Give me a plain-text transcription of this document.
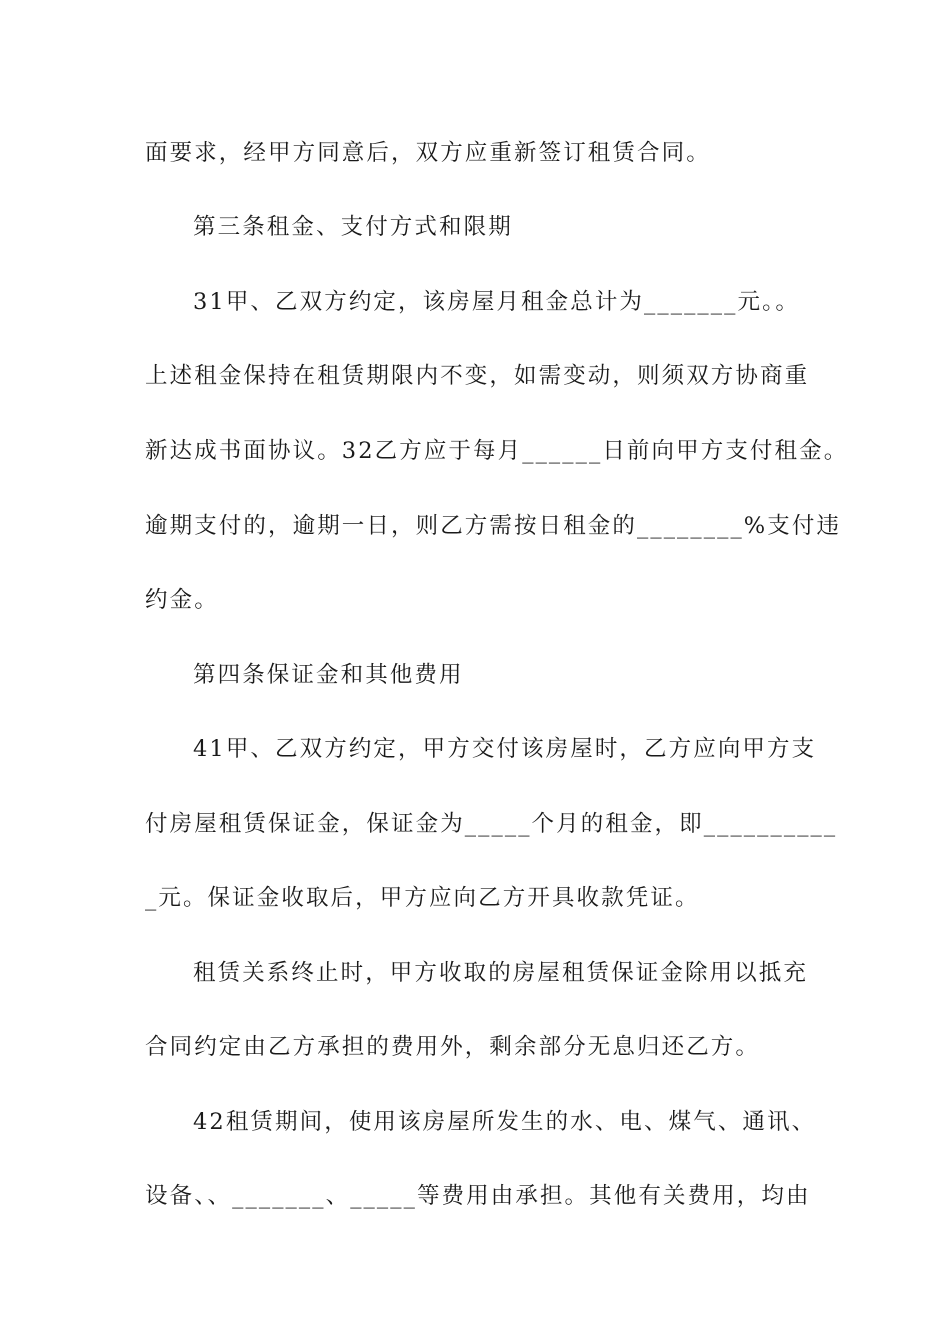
面要求，经甲方同意后，双方应重新签订租赁合同。
第三条租金、支付方式和限期
31甲、乙双方约定，该房屋月租金总计为_______元。。
上述租金保持在租赁期限内不变，如需变动，则须双方协商重
新达成书面协议。32乙方应于每月______日前向甲方支付租金。
逾期支付的，逾期一日，则乙方需按日租金的________%支付违
约金。
第四条保证金和其他费用
41甲、乙双方约定，甲方交付该房屋时，乙方应向甲方支
付房屋租赁保证金，保证金为_____个月的租金，即__________
_元。保证金收取后，甲方应向乙方开具收款凭证。
租赁关系终止时，甲方收取的房屋租赁保证金除用以抵充
合同约定由乙方承担的费用外，剩余部分无息归还乙方。
42租赁期间，使用该房屋所发生的水、电、煤气、通讯、
设备、、_______、_____等费用由承担。其他有关费用，均由
